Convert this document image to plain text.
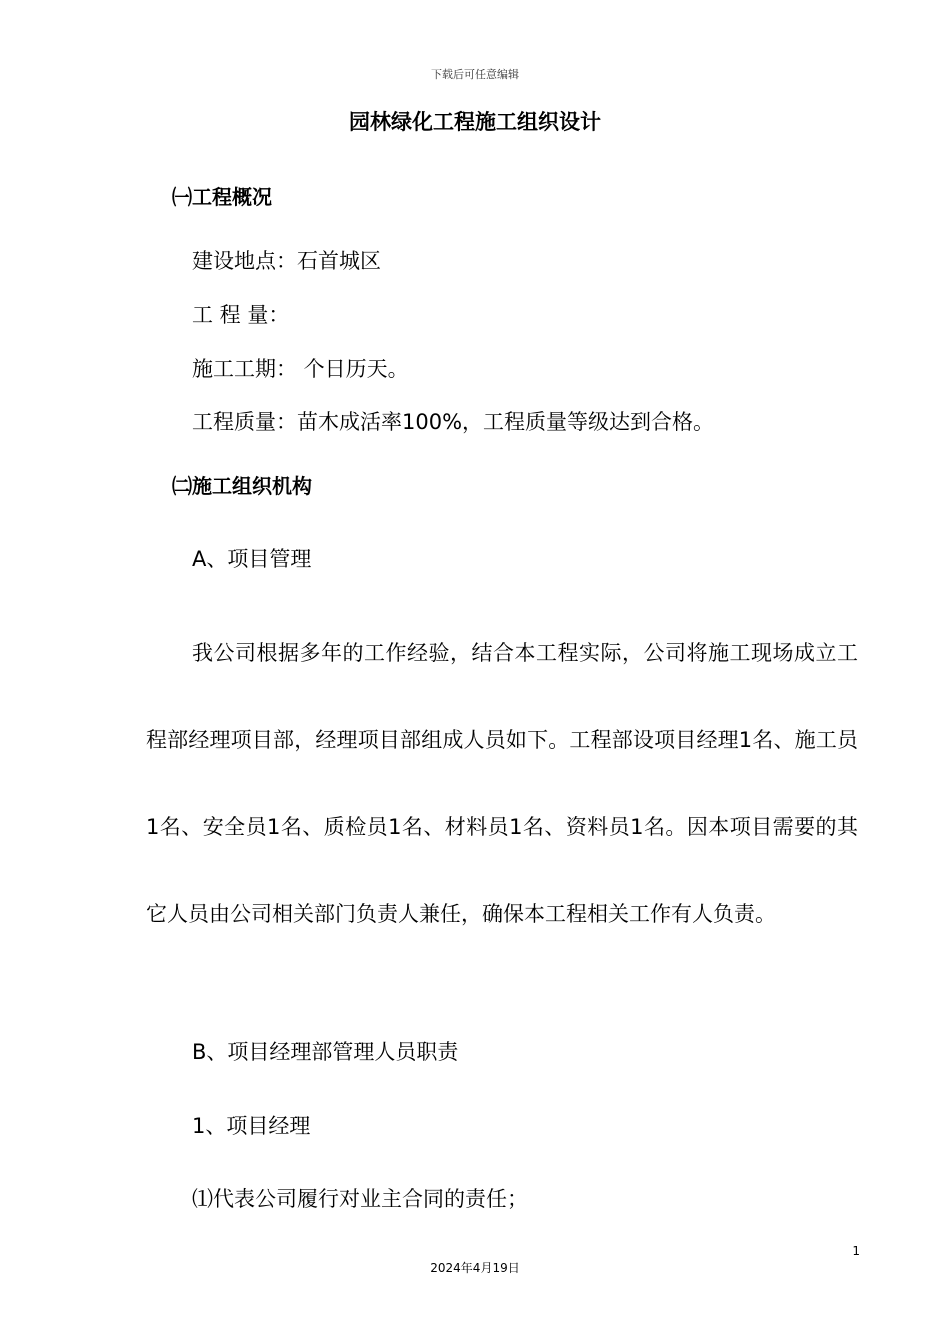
下载后可任意编辑
园林绿化工程施工组织设计
㈠工程概况
建设地点：石首城区
工 程 量：
施工工期： 个日历天。
工程质量：苗木成活率100%，工程质量等级达到合格。
㈡施工组织机构
A、项目管理
我公司根据多年的工作经验，结合本工程实际，公司将施工现场成立工程部经理项目部，经理项目部组成人员如下。工程部设项目经理1名、施工员1名、安全员1名、质检员1名、材料员1名、资料员1名。因本项目需要的其它人员由公司相关部门负责人兼任，确保本工程相关工作有人负责。
B、项目经理部管理人员职责
1、项目经理
⑴代表公司履行对业主合同的责任；
1
2024年4月19日
